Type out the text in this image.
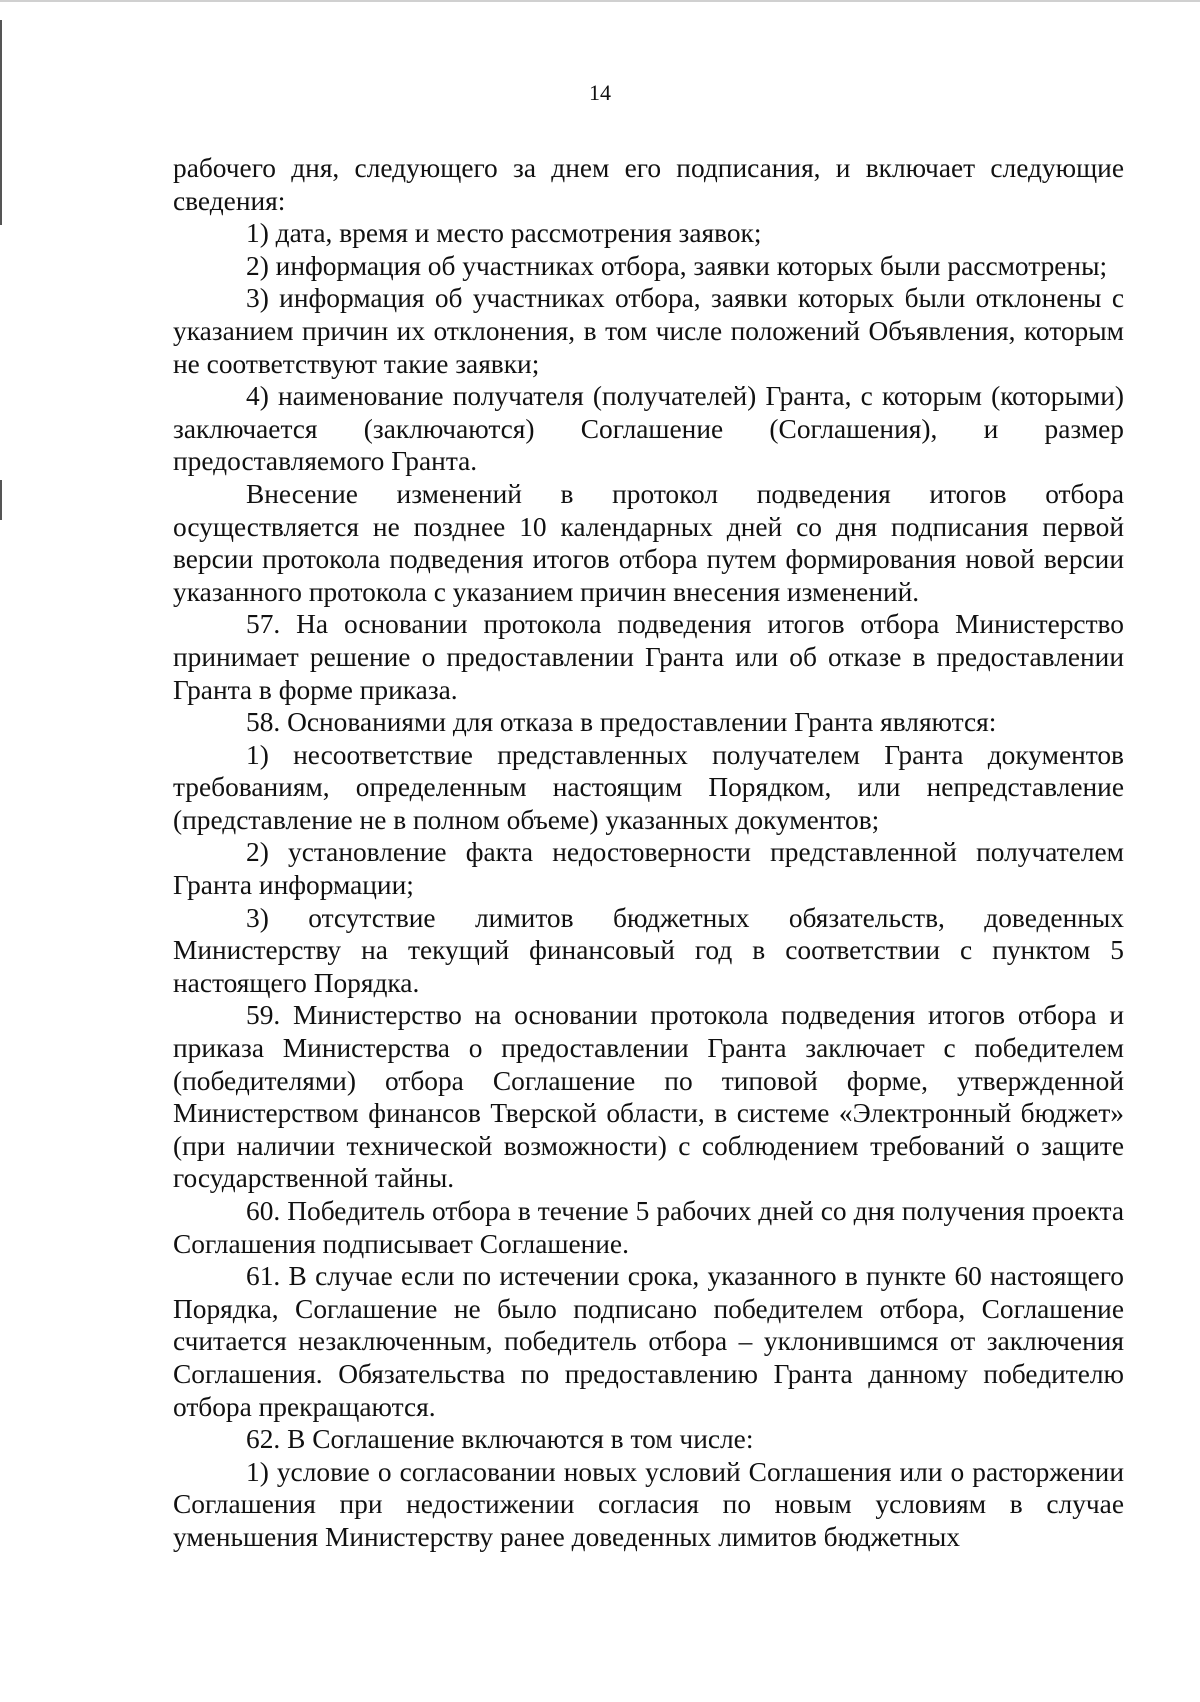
14

рабочего дня, следующего за днем его подписания, и включает следующие сведения:

1) дата, время и место рассмотрения заявок;

2) информация об участниках отбора, заявки которых были рассмотрены;

3) информация об участниках отбора, заявки которых были отклонены с указанием причин их отклонения, в том числе положений Объявления, которым не соответствуют такие заявки;

4) наименование получателя (получателей) Гранта, с которым (которыми) заключается (заключаются) Соглашение (Соглашения), и размер предоставляемого Гранта.

Внесение изменений в протокол подведения итогов отбора осуществляется не позднее 10 календарных дней со дня подписания первой версии протокола подведения итогов отбора путем формирования новой версии указанного протокола с указанием причин внесения изменений.

57. На основании протокола подведения итогов отбора Министерство принимает решение о предоставлении Гранта или об отказе в предоставлении Гранта в форме приказа.

58. Основаниями для отказа в предоставлении Гранта являются:

1) несоответствие представленных получателем Гранта документов требованиям, определенным настоящим Порядком, или непредставление (представление не в полном объеме) указанных документов;

2) установление факта недостоверности представленной получателем Гранта информации;

3) отсутствие лимитов бюджетных обязательств, доведенных Министерству на текущий финансовый год в соответствии с пунктом 5 настоящего Порядка.

59. Министерство на основании протокола подведения итогов отбора и приказа Министерства о предоставлении Гранта заключает с победителем (победителями) отбора Соглашение по типовой форме, утвержденной Министерством финансов Тверской области, в системе «Электронный бюджет» (при наличии технической возможности) с соблюдением требований о защите государственной тайны.

60. Победитель отбора в течение 5 рабочих дней со дня получения проекта Соглашения подписывает Соглашение.

61. В случае если по истечении срока, указанного в пункте 60 настоящего Порядка, Соглашение не было подписано победителем отбора, Соглашение считается незаключенным, победитель отбора – уклонившимся от заключения Соглашения. Обязательства по предоставлению Гранта данному победителю отбора прекращаются.

62. В Соглашение включаются в том числе:

1) условие о согласовании новых условий Соглашения или о расторжении Соглашения при недостижении согласия по новым условиям в случае уменьшения Министерству ранее доведенных лимитов бюджетных
